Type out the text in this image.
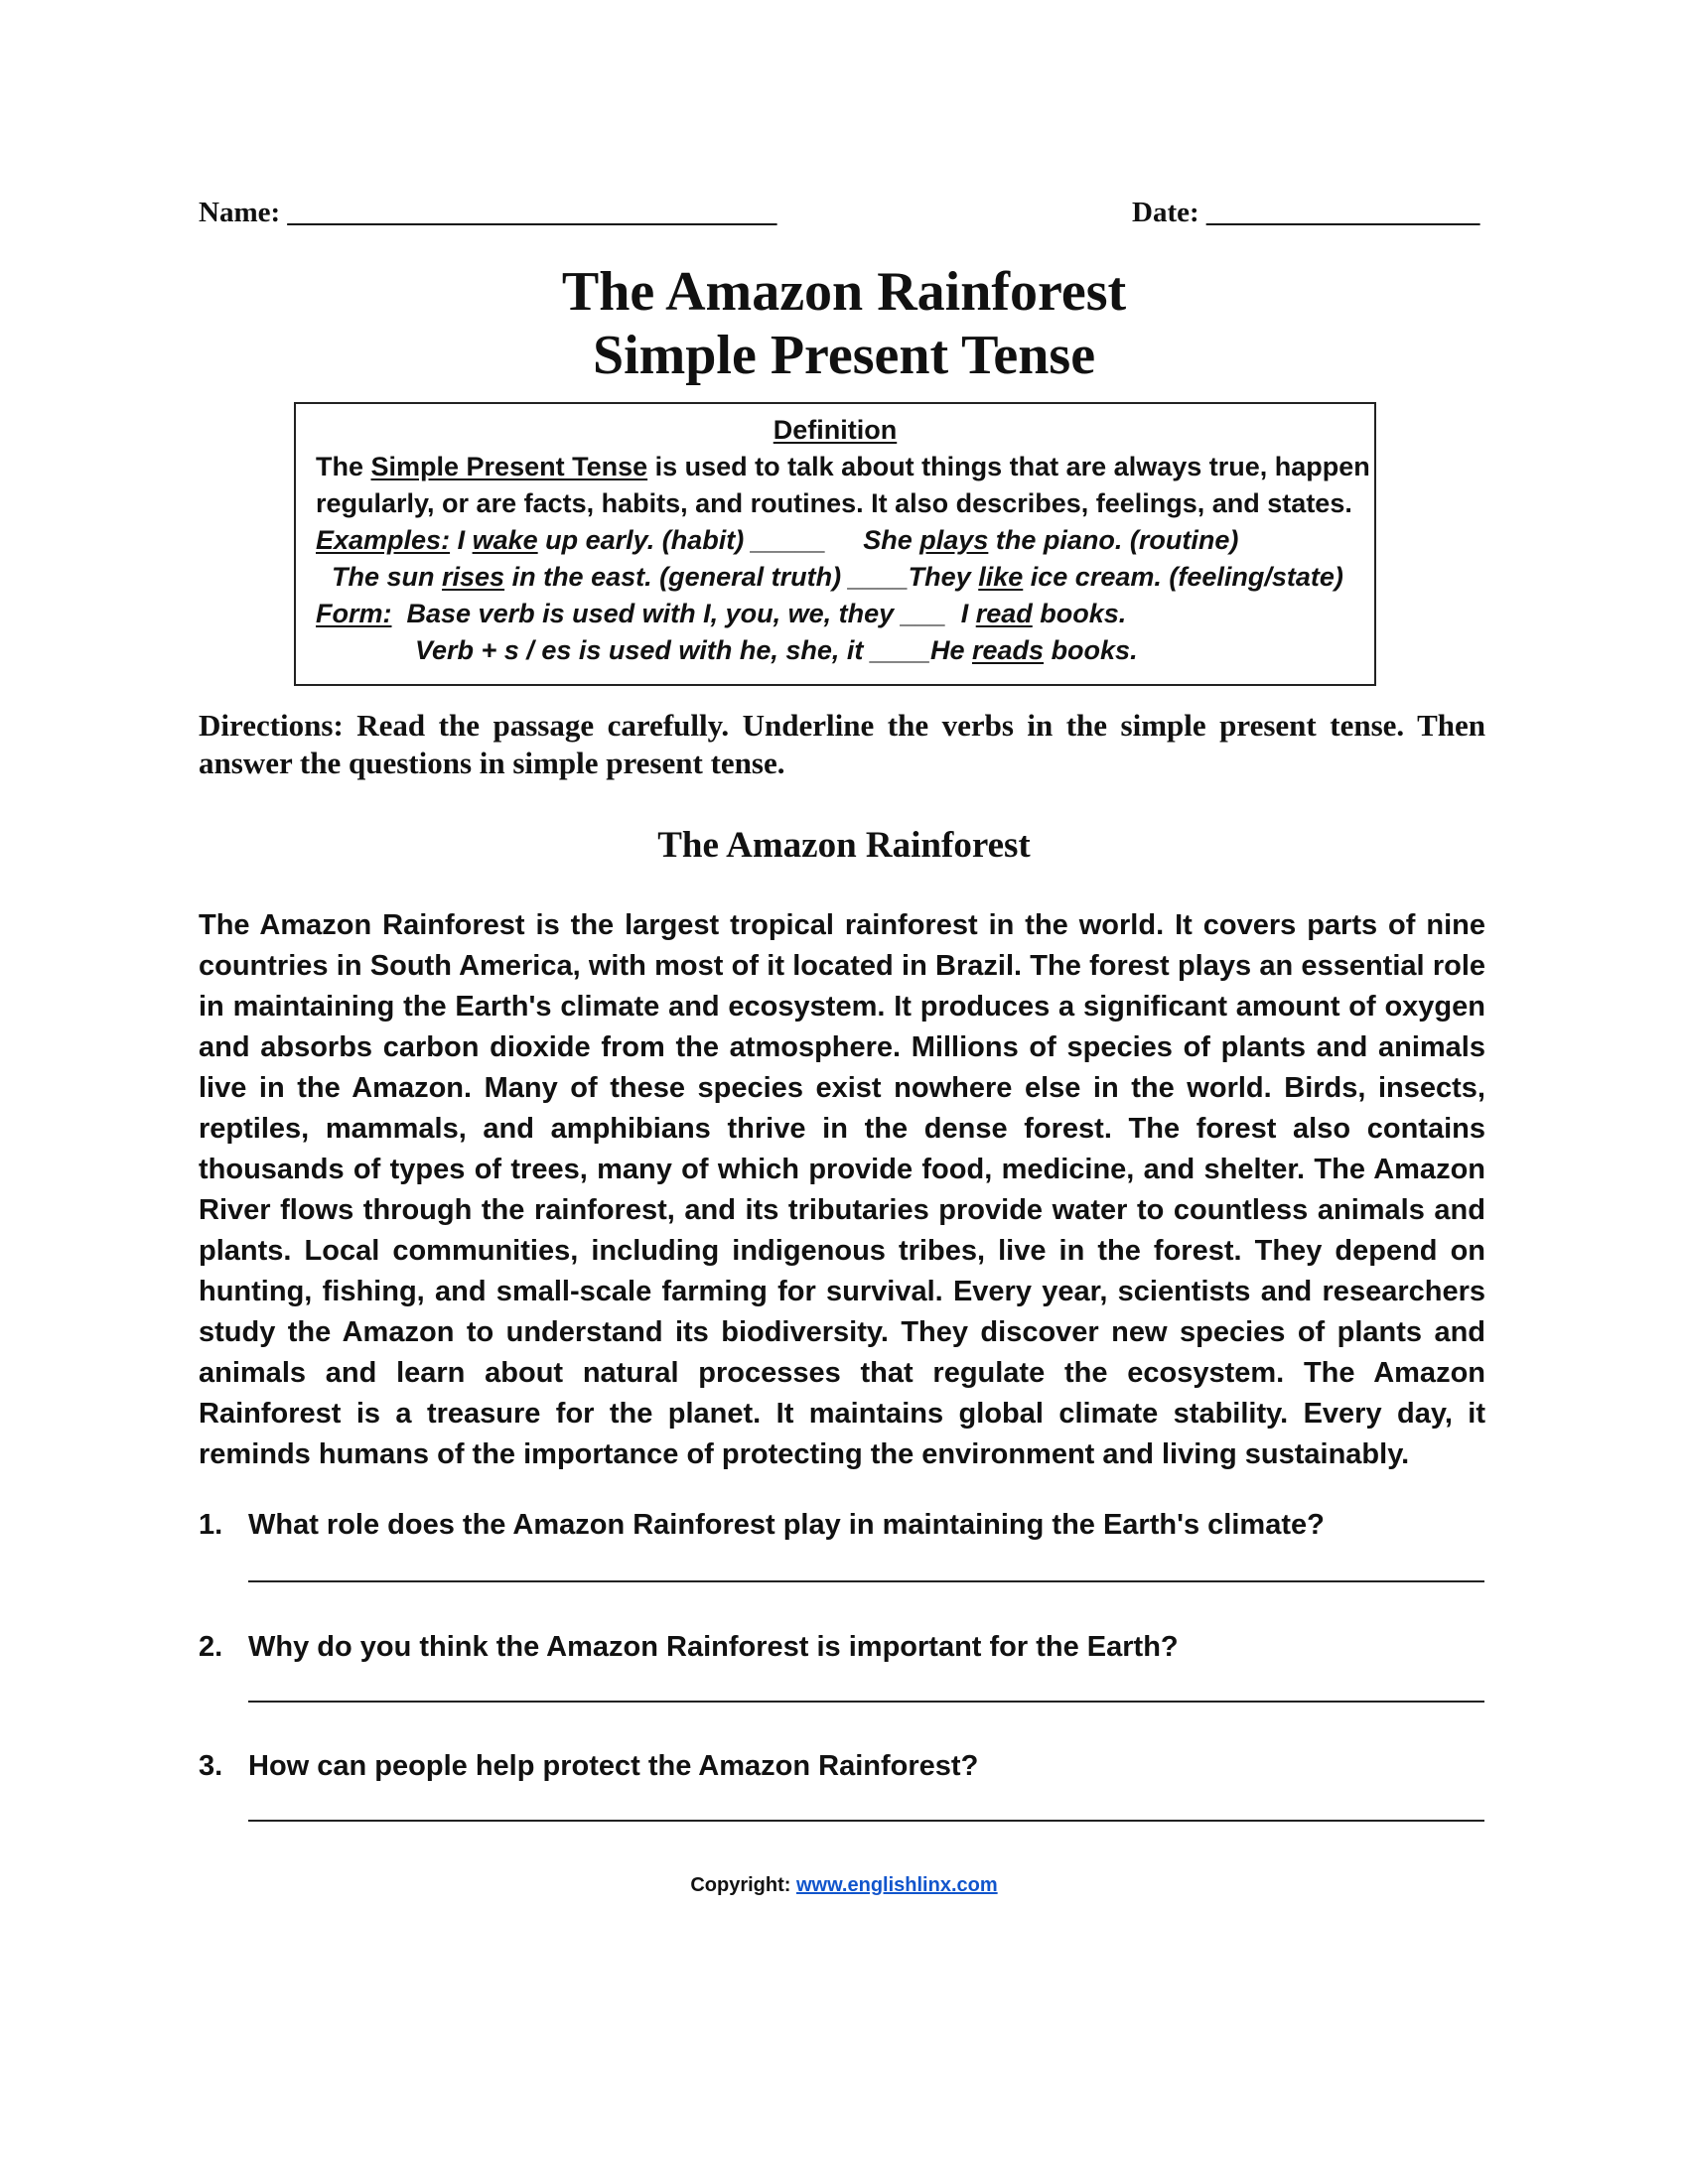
Name: __________________________________	Date: ___________________
The Amazon Rainforest
Simple Present Tense
Definition
The Simple Present Tense is used to talk about things that are always true, happen
regularly, or are facts, habits, and routines. It also describes, feelings, and states.
Examples: I wake up early. (habit) _____     She plays the piano. (routine)
The sun rises in the east. (general truth) ____They like ice cream. (feeling/state)
Form:  Base verb is used with I, you, we, they ___  I read books.
Verb + s / es is used with he, she, it ____He reads books.
Directions: Read the passage carefully. Underline the verbs in the simple present tense. Then answer the questions in simple present tense.
The Amazon Rainforest
The Amazon Rainforest is the largest tropical rainforest in the world. It covers parts of nine countries in South America, with most of it located in Brazil. The forest plays an essential role in maintaining the Earth's climate and ecosystem. It produces a significant amount of oxygen and absorbs carbon dioxide from the atmosphere. Millions of species of plants and animals live in the Amazon. Many of these species exist nowhere else in the world. Birds, insects, reptiles, mammals, and amphibians thrive in the dense forest. The forest also contains thousands of types of trees, many of which provide food, medicine, and shelter. The Amazon River flows through the rainforest, and its tributaries provide water to countless animals and plants. Local communities, including indigenous tribes, live in the forest. They depend on hunting, fishing, and small-scale farming for survival. Every year, scientists and researchers study the Amazon to understand its biodiversity. They discover new species of plants and animals and learn about natural processes that regulate the ecosystem. The Amazon Rainforest is a treasure for the planet. It maintains global climate stability. Every day, it reminds humans of the importance of protecting the environment and living sustainably.
1. What role does the Amazon Rainforest play in maintaining the Earth's climate?
2. Why do you think the Amazon Rainforest is important for the Earth?
3. How can people help protect the Amazon Rainforest?
Copyright: www.englishlinx.com
